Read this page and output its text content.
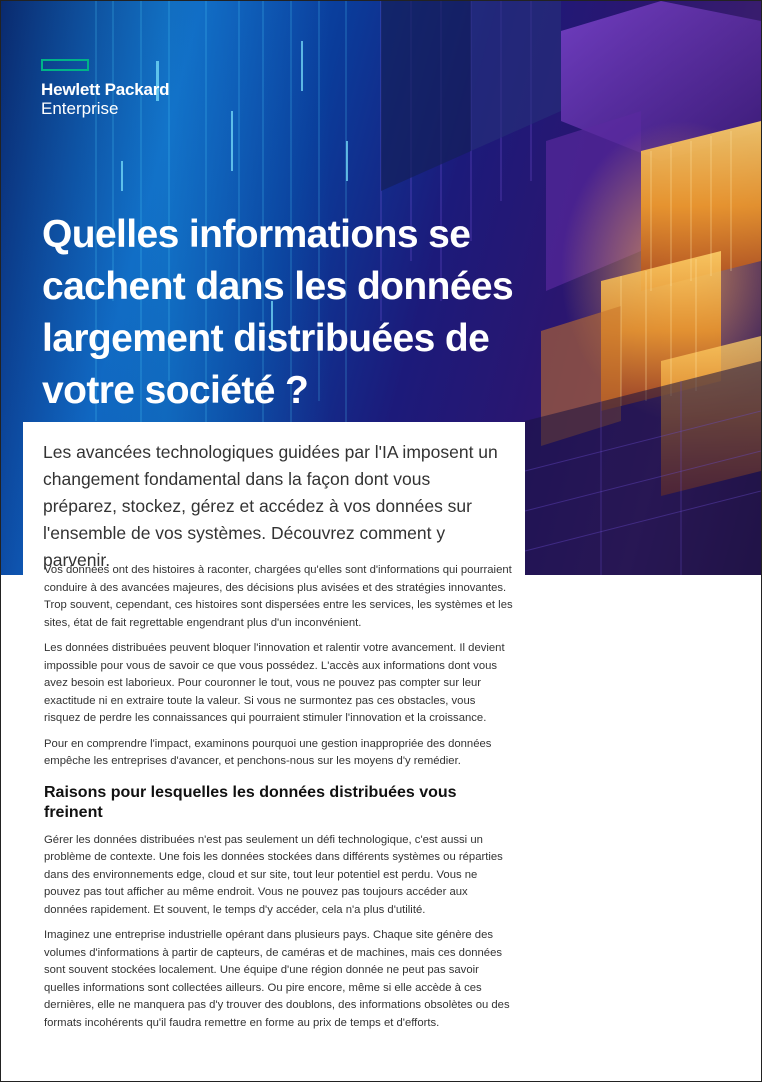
Hewlett Packard
Enterprise
Quelles informations se cachent dans les données largement distribuées de votre société ?

Les avancées technologiques guidées par l'IA imposent un changement fondamental dans la façon dont vous préparez, stockez, gérez et accédez à vos données sur l'ensemble de vos systèmes. Découvrez comment y parvenir.

Vos données ont des histoires à raconter, chargées qu'elles sont d'informations qui pourraient conduire à des avancées majeures, des décisions plus avisées et des stratégies innovantes. Trop souvent, cependant, ces histoires sont dispersées entre les services, les systèmes et les sites, état de fait regrettable engendrant plus d'un inconvénient.

Les données distribuées peuvent bloquer l'innovation et ralentir votre avancement. Il devient impossible pour vous de savoir ce que vous possédez. L'accès aux informations dont vous avez besoin est laborieux. Pour couronner le tout, vous ne pouvez pas compter sur leur exactitude ni en extraire toute la valeur. Si vous ne surmontez pas ces obstacles, vous risquez de perdre les connaissances qui pourraient stimuler l'innovation et la croissance.

Pour en comprendre l'impact, examinons pourquoi une gestion inappropriée des données empêche les entreprises d'avancer, et penchons-nous sur les moyens d'y remédier.

Raisons pour lesquelles les données distribuées vous freinent

Gérer les données distribuées n'est pas seulement un défi technologique, c'est aussi un problème de contexte. Une fois les données stockées dans différents systèmes ou réparties dans des environnements edge, cloud et sur site, tout leur potentiel est perdu. Vous ne pouvez pas tout afficher au même endroit. Vous ne pouvez pas toujours accéder aux données rapidement. Et souvent, le temps d'y accéder, cela n'a plus d'utilité.

Imaginez une entreprise industrielle opérant dans plusieurs pays. Chaque site génère des volumes d'informations à partir de capteurs, de caméras et de machines, mais ces données sont souvent stockées localement. Une équipe d'une région donnée ne peut pas savoir quelles informations sont collectées ailleurs. Ou pire encore, même si elle accède à ces dernières, elle ne manquera pas d'y trouver des doublons, des informations obsolètes ou des formats incohérents qu'il faudra remettre en forme au prix de temps et d'efforts.
